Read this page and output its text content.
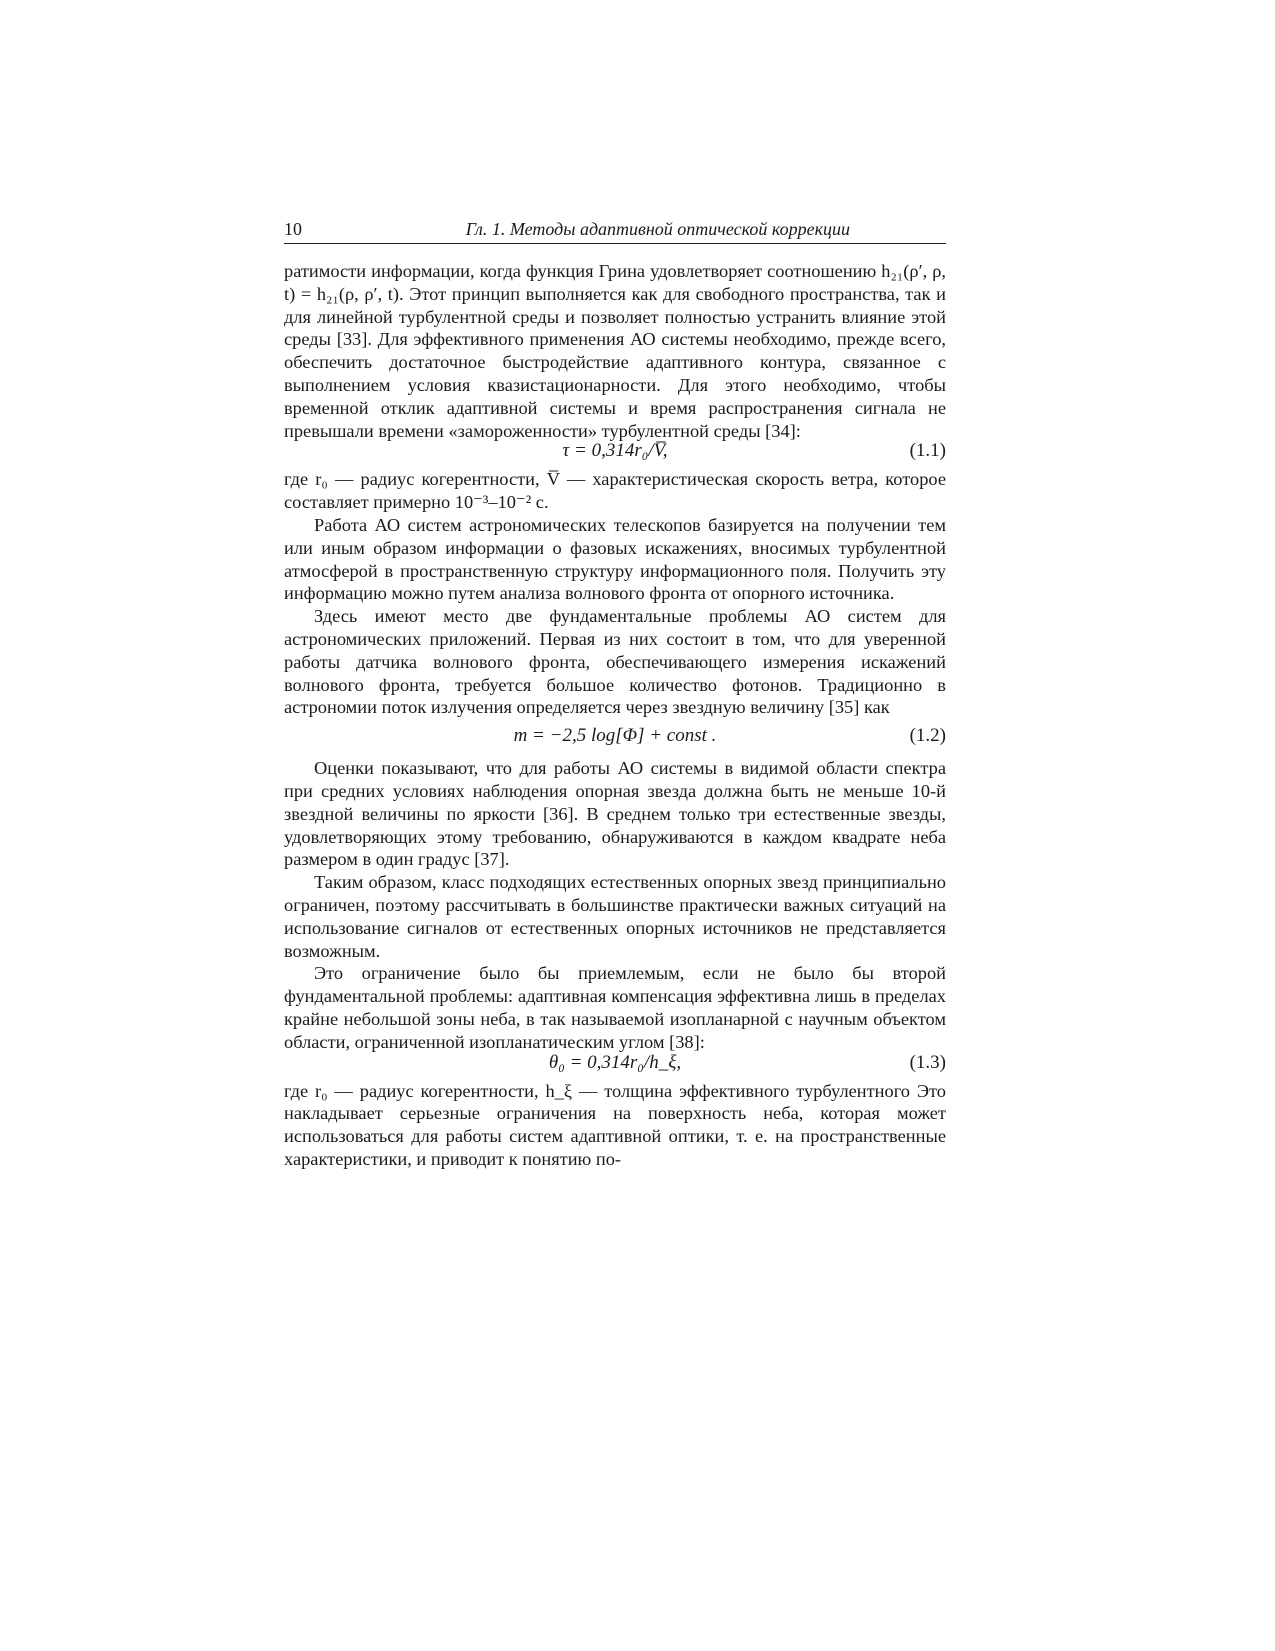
10	Гл. 1. Методы адаптивной оптической коррекции

ратимости информации, когда функция Грина удовлетворяет соотношению h₂₁(ρ′, ρ, t) = h₂₁(ρ, ρ′, t). Этот принцип выполняется как для свободного пространства, так и для линейной турбулентной среды и позволяет полностью устранить влияние этой среды [33]. Для эффективного применения АО системы необходимо, прежде всего, обеспечить достаточное быстродействие адаптивного контура, связанное с выполнением условия квазистационарности. Для этого необходимо, чтобы временной отклик адаптивной системы и время распространения сигнала не превышали времени «замороженности» турбулентной среды [34]:

τ = 0,314r₀/V̅,	(1.1)

где r₀ — радиус когерентности, V̅ — характеристическая скорость ветра, которое составляет примерно 10⁻³–10⁻² с.

Работа АО систем астрономических телескопов базируется на получении тем или иным образом информации о фазовых искажениях, вносимых турбулентной атмосферой в пространственную структуру информационного поля. Получить эту информацию можно путем анализа волнового фронта от опорного источника.

Здесь имеют место две фундаментальные проблемы АО систем для астрономических приложений. Первая из них состоит в том, что для уверенной работы датчика волнового фронта, обеспечивающего измерения искажений волнового фронта, требуется большое количество фотонов. Традиционно в астрономии поток излучения определяется через звездную величину [35] как

m = −2,5 log[Φ] + const .	(1.2)

Оценки показывают, что для работы АО системы в видимой области спектра при средних условиях наблюдения опорная звезда должна быть не меньше 10-й звездной величины по яркости [36]. В среднем только три естественные звезды, удовлетворяющих этому требованию, обнаруживаются в каждом квадрате неба размером в один градус [37].

Таким образом, класс подходящих естественных опорных звезд принципиально ограничен, поэтому рассчитывать в большинстве практически важных ситуаций на использование сигналов от естественных опорных источников не представляется возможным.

Это ограничение было бы приемлемым, если не было бы второй фундаментальной проблемы: адаптивная компенсация эффективна лишь в пределах крайне небольшой зоны неба, в так называемой изопланарной с научным объектом области, ограниченной изопланатическим углом [38]:

θ₀ = 0,314r₀/h_ξ,	(1.3)

где r₀ — радиус когерентности, h_ξ — толщина эффективного турбулентного Это накладывает серьезные ограничения на поверхность неба, которая может использоваться для работы систем адаптивной оптики, т. е. на пространственные характеристики, и приводит к понятию по-
